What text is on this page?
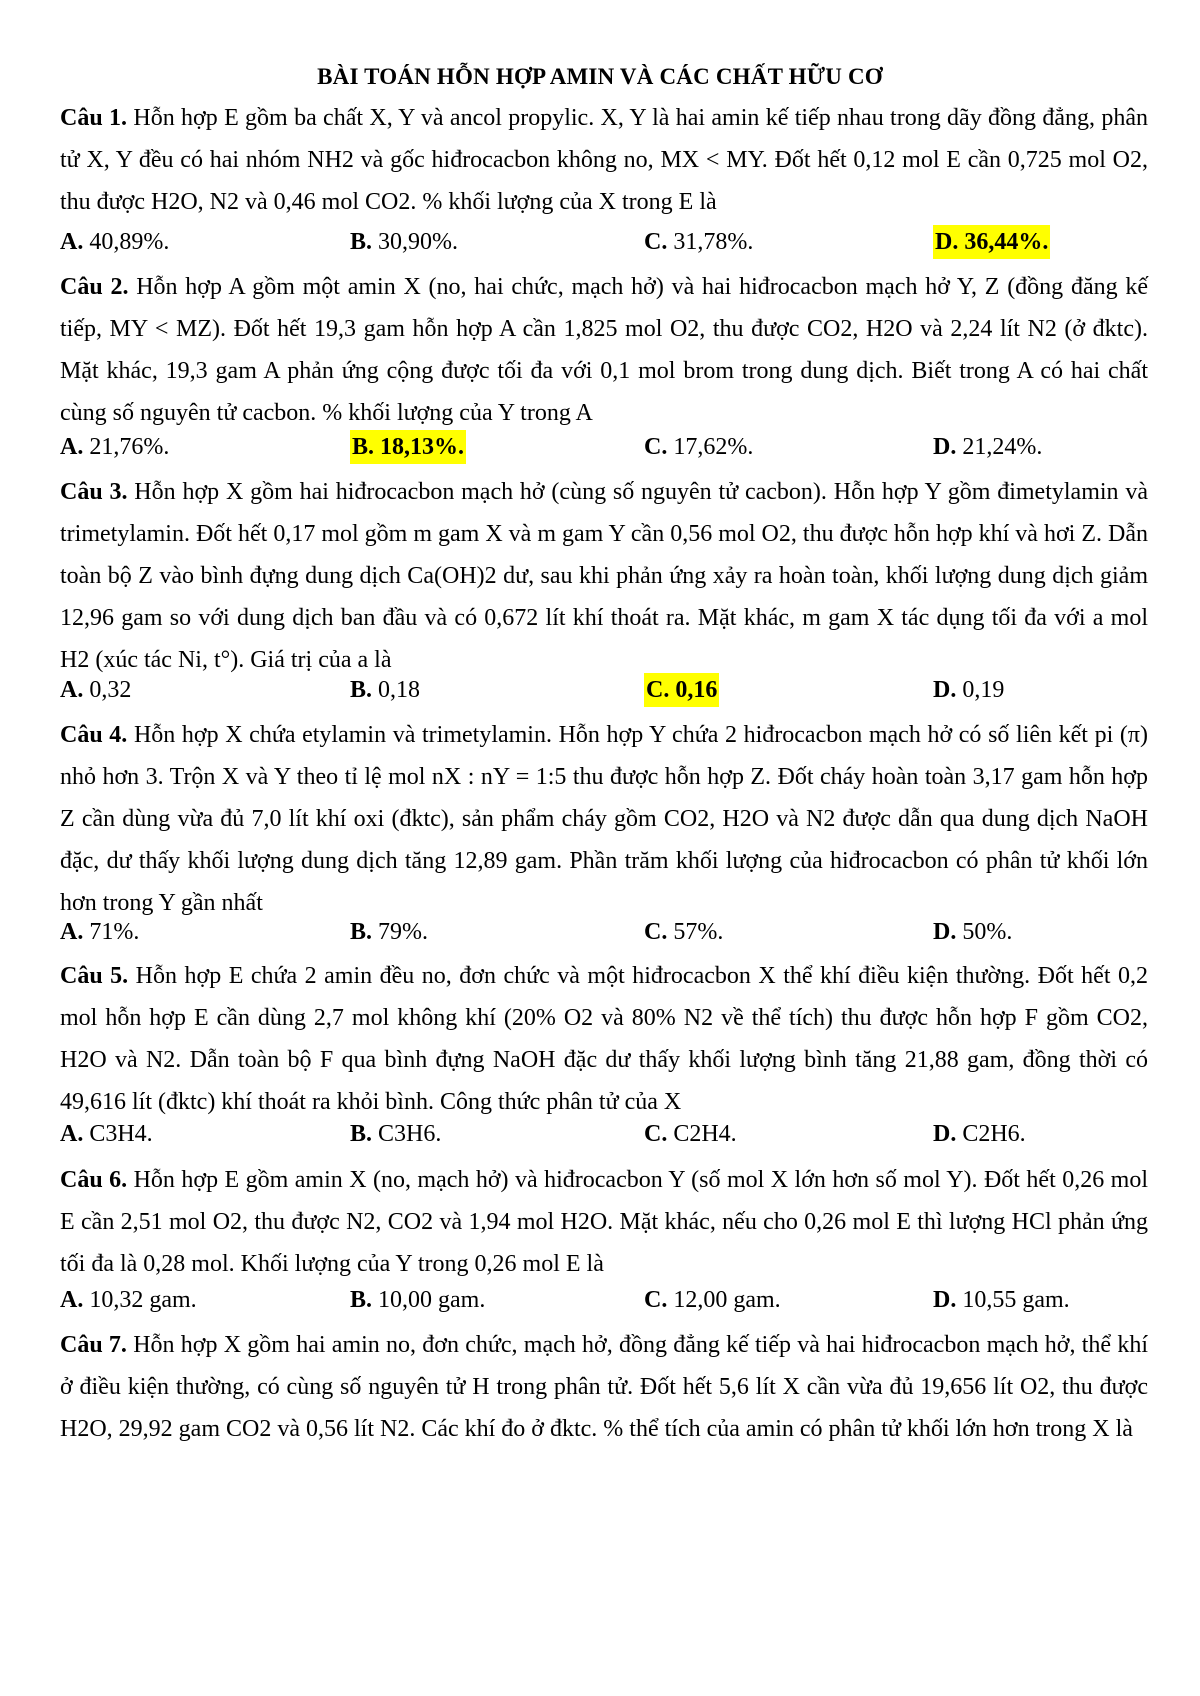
BÀI TOÁN HỖN HỢP AMIN VÀ CÁC CHẤT HỮU CƠ
Câu 1. Hỗn hợp E gồm ba chất X, Y và ancol propylic. X, Y là hai amin kế tiếp nhau trong dãy đồng đẳng, phân tử X, Y đều có hai nhóm NH2 và gốc hiđrocacbon không no, MX < MY. Đốt hết 0,12 mol E cần 0,725 mol O2, thu được H2O, N2 và 0,46 mol CO2. % khối lượng của X trong E là
A. 40,89%.	B. 30,90%.	C. 31,78%.	D. 36,44%.
Câu 2. Hỗn hợp A gồm một amin X (no, hai chức, mạch hở) và hai hiđrocacbon mạch hở Y, Z (đồng đăng kế tiếp, MY < MZ). Đốt hết 19,3 gam hỗn hợp A cần 1,825 mol O2, thu được CO2, H2O và 2,24 lít N2 (ở đktc). Mặt khác, 19,3 gam A phản ứng cộng được tối đa với 0,1 mol brom trong dung dịch. Biết trong A có hai chất cùng số nguyên tử cacbon. % khối lượng của Y trong A
A. 21,76%.	B. 18,13%.	C. 17,62%.	D. 21,24%.
Câu 3. Hỗn hợp X gồm hai hiđrocacbon mạch hở (cùng số nguyên tử cacbon). Hỗn hợp Y gồm đimetylamin và trimetylamin. Đốt hết 0,17 mol gồm m gam X và m gam Y cần 0,56 mol O2, thu được hỗn hợp khí và hơi Z. Dẫn toàn bộ Z vào bình đựng dung dịch Ca(OH)2 dư, sau khi phản ứng xảy ra hoàn toàn, khối lượng dung dịch giảm 12,96 gam so với dung dịch ban đầu và có 0,672 lít khí thoát ra. Mặt khác, m gam X tác dụng tối đa với a mol H2 (xúc tác Ni, t°). Giá trị của a là
A. 0,32	B. 0,18	C. 0,16	D. 0,19
Câu 4. Hỗn hợp X chứa etylamin và trimetylamin. Hỗn hợp Y chứa 2 hiđrocacbon mạch hở có số liên kết pi (π) nhỏ hơn 3. Trộn X và Y theo tỉ lệ mol nX : nY = 1:5 thu được hỗn hợp Z. Đốt cháy hoàn toàn 3,17 gam hỗn hợp Z cần dùng vừa đủ 7,0 lít khí oxi (đktc), sản phẩm cháy gồm CO2, H2O và N2 được dẫn qua dung dịch NaOH đặc, dư thấy khối lượng dung dịch tăng 12,89 gam. Phần trăm khối lượng của hiđrocacbon có phân tử khối lớn hơn trong Y gần nhất
A. 71%.	B. 79%.	C. 57%.	D. 50%.
Câu 5. Hỗn hợp E chứa 2 amin đều no, đơn chức và một hiđrocacbon X thể khí điều kiện thường. Đốt hết 0,2 mol hỗn hợp E cần dùng 2,7 mol không khí (20% O2 và 80% N2 về thể tích) thu được hỗn hợp F gồm CO2, H2O và N2. Dẫn toàn bộ F qua bình đựng NaOH đặc dư thấy khối lượng bình tăng 21,88 gam, đồng thời có 49,616 lít (đktc) khí thoát ra khỏi bình. Công thức phân tử của X
A. C3H4.	B. C3H6.	C. C2H4.	D. C2H6.
Câu 6. Hỗn hợp E gồm amin X (no, mạch hở) và hiđrocacbon Y (số mol X lớn hơn số mol Y). Đốt hết 0,26 mol E cần 2,51 mol O2, thu được N2, CO2 và 1,94 mol H2O. Mặt khác, nếu cho 0,26 mol E thì lượng HCl phản ứng tối đa là 0,28 mol. Khối lượng của Y trong 0,26 mol E là
A. 10,32 gam.	B. 10,00 gam.	C. 12,00 gam.	D. 10,55 gam.
Câu 7. Hỗn hợp X gồm hai amin no, đơn chức, mạch hở, đồng đẳng kế tiếp và hai hiđrocacbon mạch hở, thể khí ở điều kiện thường, có cùng số nguyên tử H trong phân tử. Đốt hết 5,6 lít X cần vừa đủ 19,656 lít O2, thu được H2O, 29,92 gam CO2 và 0,56 lít N2. Các khí đo ở đktc. % thể tích của amin có phân tử khối lớn hơn trong X là
